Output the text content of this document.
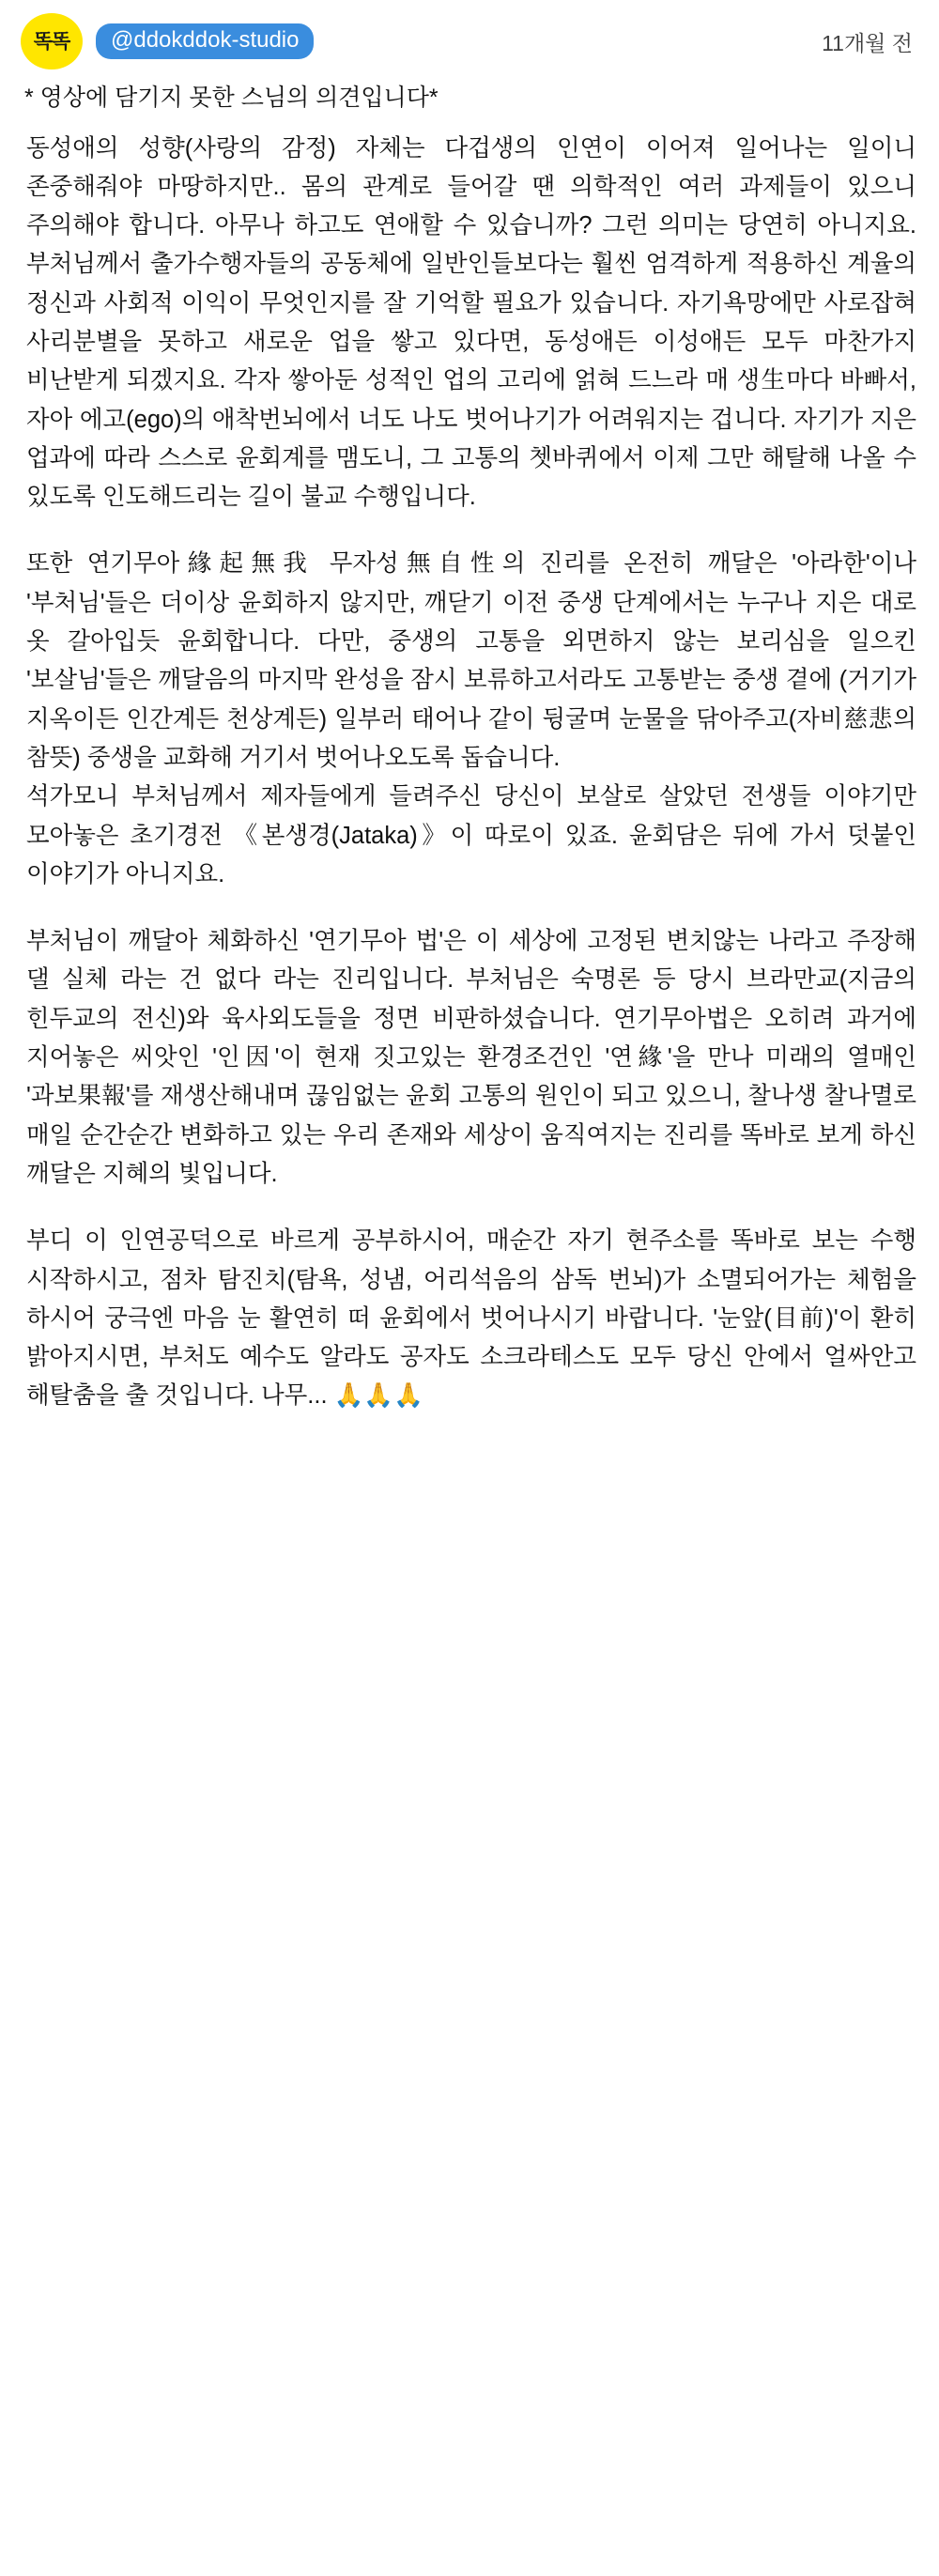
똑똑	@ddokddok-studio	11개월 전
* 영상에 담기지 못한 스님의 의견입니다*

동성애의 성향(사랑의 감정) 자체는 다겁생의 인연이 이어져 일어나는 일이니 존중해줘야 마땅하지만.. 몸의 관계로 들어갈 땐 의학적인 여러 과제들이 있으니 주의해야 합니다. 아무나 하고도 연애할 수 있습니까? 그런 의미는 당연히 아니지요. 부처님께서 출가수행자들의 공동체에 일반인들보다는 훨씬 엄격하게 적용하신 계율의 정신과 사회적 이익이 무엇인지를 잘 기억할 필요가 있습니다. 자기욕망에만 사로잡혀 사리분별을 못하고 새로운 업을 쌓고 있다면, 동성애든 이성애든 모두 마찬가지 비난받게 되겠지요. 각자 쌓아둔 성적인 업의 고리에 얽혀 드느라 매 생生마다 바빠서, 자아 에고(ego)의 애착번뇌에서 너도 나도 벗어나기가 어려워지는 겁니다. 자기가 지은 업과에 따라 스스로 윤회계를 맴도니, 그 고통의 쳇바퀴에서 이제 그만 해탈해 나올 수 있도록 인도해드리는 길이 불교 수행입니다.

또한 연기무아緣起無我 무자성無自性의 진리를 온전히 깨달은 '아라한'이나 '부처님'들은 더이상 윤회하지 않지만, 깨닫기 이전 중생 단계에서는 누구나 지은 대로 옷 갈아입듯 윤회합니다. 다만, 중생의 고통을 외면하지 않는 보리심을 일으킨 '보살님'들은 깨달음의 마지막 완성을 잠시 보류하고서라도 고통받는 중생 곁에 (거기가 지옥이든 인간계든 천상계든) 일부러 태어나 같이 뒹굴며 눈물을 닦아주고(자비慈悲의 참뜻) 중생을 교화해 거기서 벗어나오도록 돕습니다.

석가모니 부처님께서 제자들에게 들려주신 당신이 보살로 살았던 전생들 이야기만 모아놓은 초기경전 《본생경(Jataka)》이 따로이 있죠. 윤회담은 뒤에 가서 덧붙인 이야기가 아니지요.

부처님이 깨달아 체화하신 '연기무아 법'은 이 세상에 고정된 변치않는 나라고 주장해 댈 실체 라는 건 없다 라는 진리입니다. 부처님은 숙명론 등 당시 브라만교(지금의 힌두교의 전신)와 육사외도들을 정면 비판하셨습니다. 연기무아법은 오히려 과거에 지어놓은 씨앗인 '인因'이 현재 짓고있는 환경조건인 '연緣'을 만나 미래의 열매인 '과보果報'를 재생산해내며 끊임없는 윤회 고통의 원인이 되고 있으니, 찰나생 찰나멸로 매일 순간순간 변화하고 있는 우리 존재와 세상이 움직여지는 진리를 똑바로 보게 하신 깨달은 지혜의 빛입니다.

부디 이 인연공덕으로 바르게 공부하시어, 매순간 자기 현주소를 똑바로 보는 수행 시작하시고, 점차 탐진치(탐욕, 성냄, 어리석음의 삼독 번뇌)가 소멸되어가는 체험을 하시어 궁극엔 마음 눈 활연히 떠 윤회에서 벗어나시기 바랍니다. '눈앞(目前)'이 환히 밝아지시면, 부처도 예수도 알라도 공자도 소크라테스도 모두 당신 안에서 얼싸안고 해탈춤을 출 것입니다. 나무... 🙏🙏🙏
